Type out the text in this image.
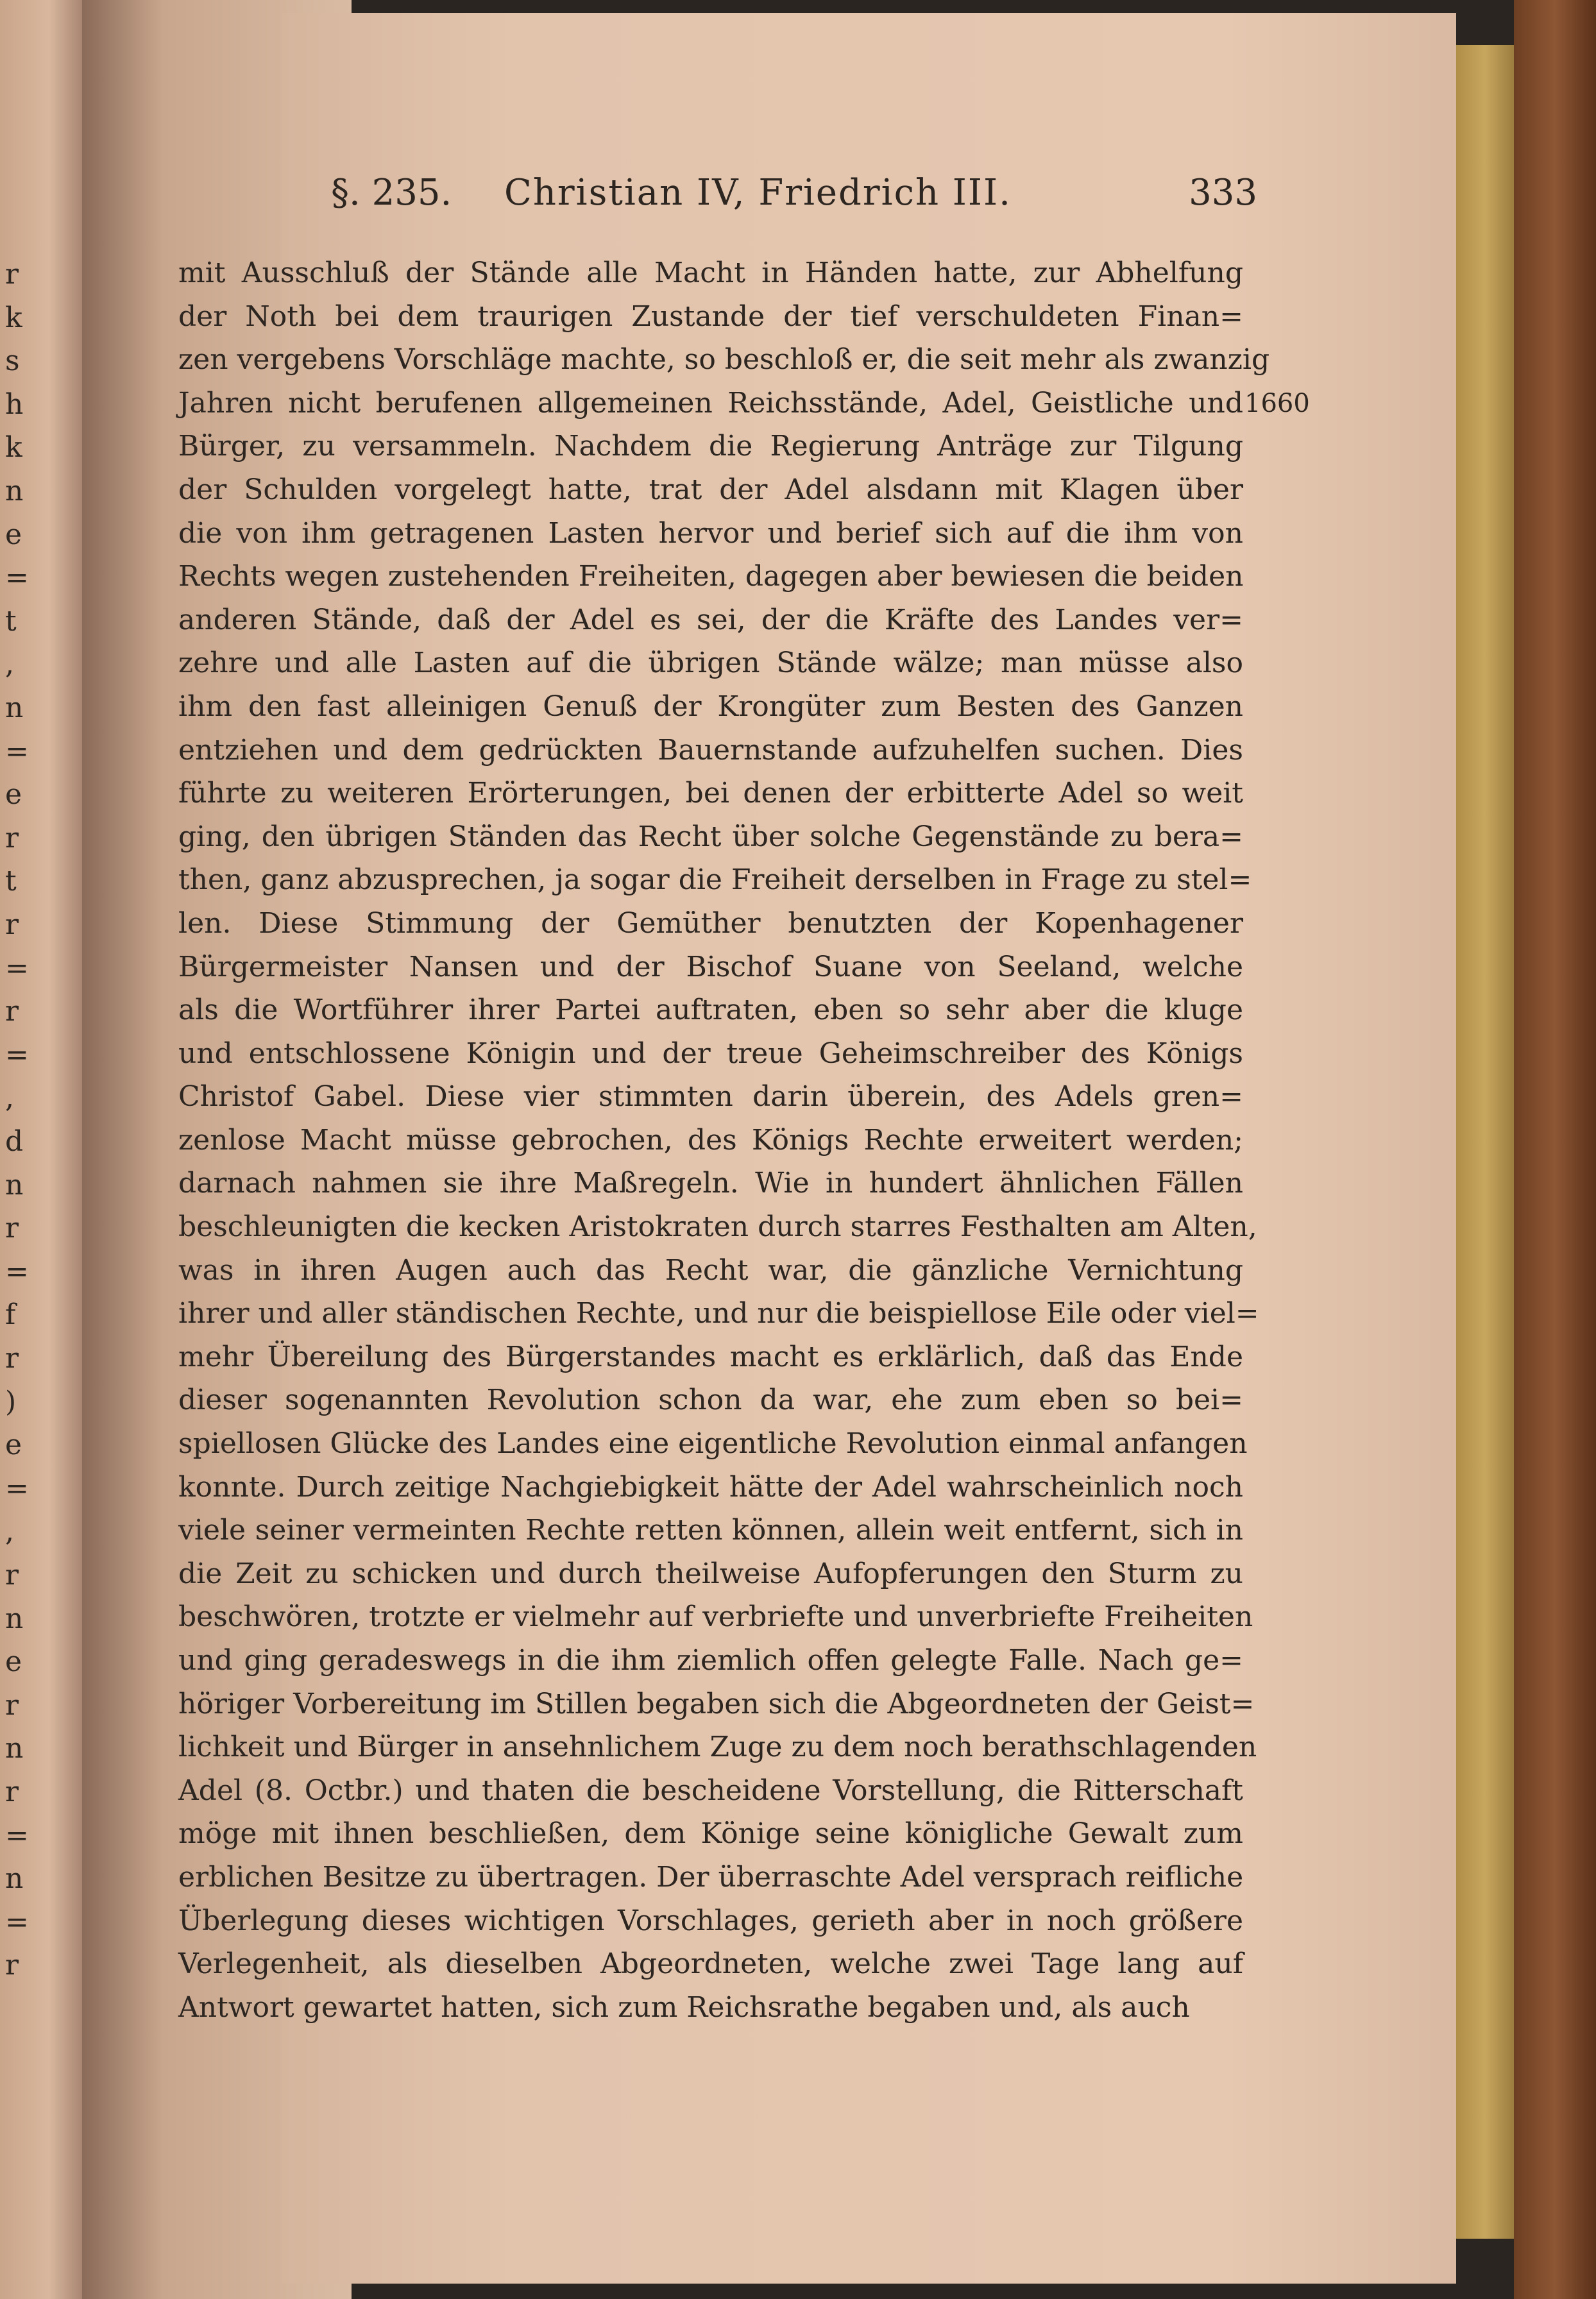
r
k
s
h
k
n
e
=
t
,
n
=
e
r
t
r
=
r
=
,
d
n
r
=
f
r
)
e
=
,
r
n
e
r
n
r
=
n
=
r
§. 235. Christian IV, Friedrich III.	333
mit Ausschluß der Stände alle Macht in Händen hatte, zur Abhelfung
der Noth bei dem traurigen Zustande der tief verschuldeten Finan=
zen vergebens Vorschläge machte, so beschloß er, die seit mehr als zwanzig
Jahren nicht berufenen allgemeinen Reichsstände, Adel, Geistliche und
Bürger, zu versammeln. Nachdem die Regierung Anträge zur Tilgung
der Schulden vorgelegt hatte, trat der Adel alsdann mit Klagen über
die von ihm getragenen Lasten hervor und berief sich auf die ihm von
Rechts wegen zustehenden Freiheiten, dagegen aber bewiesen die beiden
anderen Stände, daß der Adel es sei, der die Kräfte des Landes ver=
zehre und alle Lasten auf die übrigen Stände wälze; man müsse also
ihm den fast alleinigen Genuß der Krongüter zum Besten des Ganzen
entziehen und dem gedrückten Bauernstande aufzuhelfen suchen. Dies
führte zu weiteren Erörterungen, bei denen der erbitterte Adel so weit
ging, den übrigen Ständen das Recht über solche Gegenstände zu bera=
then, ganz abzusprechen, ja sogar die Freiheit derselben in Frage zu stel=
len. Diese Stimmung der Gemüther benutzten der Kopenhagener
Bürgermeister Nansen und der Bischof Suane von Seeland, welche
als die Wortführer ihrer Partei auftraten, eben so sehr aber die kluge
und entschlossene Königin und der treue Geheimschreiber des Königs
Christof Gabel. Diese vier stimmten darin überein, des Adels gren=
zenlose Macht müsse gebrochen, des Königs Rechte erweitert werden;
darnach nahmen sie ihre Maßregeln. Wie in hundert ähnlichen Fällen
beschleunigten die kecken Aristokraten durch starres Festhalten am Alten,
was in ihren Augen auch das Recht war, die gänzliche Vernichtung
ihrer und aller ständischen Rechte, und nur die beispiellose Eile oder viel=
mehr Übereilung des Bürgerstandes macht es erklärlich, daß das Ende
dieser sogenannten Revolution schon da war, ehe zum eben so bei=
spiellosen Glücke des Landes eine eigentliche Revolution einmal anfangen
konnte. Durch zeitige Nachgiebigkeit hätte der Adel wahrscheinlich noch
viele seiner vermeinten Rechte retten können, allein weit entfernt, sich in
die Zeit zu schicken und durch theilweise Aufopferungen den Sturm zu
beschwören, trotzte er vielmehr auf verbriefte und unverbriefte Freiheiten
und ging geradeswegs in die ihm ziemlich offen gelegte Falle. Nach ge=
höriger Vorbereitung im Stillen begaben sich die Abgeordneten der Geist=
lichkeit und Bürger in ansehnlichem Zuge zu dem noch berathschlagenden
Adel (8. Octbr.) und thaten die bescheidene Vorstellung, die Ritterschaft
möge mit ihnen beschließen, dem Könige seine königliche Gewalt zum
erblichen Besitze zu übertragen. Der überraschte Adel versprach reifliche
Überlegung dieses wichtigen Vorschlages, gerieth aber in noch größere
Verlegenheit, als dieselben Abgeordneten, welche zwei Tage lang auf
Antwort gewartet hatten, sich zum Reichsrathe begaben und, als auch
1660
